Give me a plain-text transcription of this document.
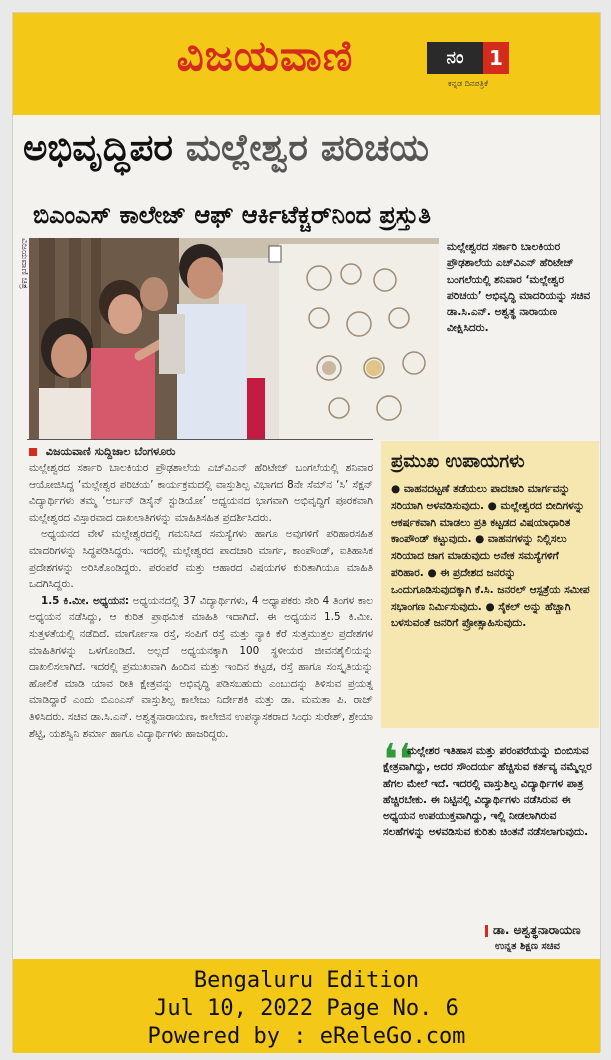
ವಿಜಯವಾಣಿ	ನಂ	1
ಕನ್ನಡ ದಿನಪತ್ರಿಕೆ
ಅಭಿವೃದ್ಧಿಪರ ಮಲ್ಲೇಶ್ವರ ಪರಿಚಯ
ಬಿಎಂಎಸ್ ಕಾಲೇಜ್ ಆಫ್ ಆರ್ಕಿಟೆಕ್ಚರ್‌ನಿಂದ ಪ್ರಸ್ತುತಿ
ವಿಜಯವಾಣಿ ಚಿತ್ರ	ಮಲ್ಲೇಶ್ವರದ ಸರ್ಕಾರಿ ಬಾಲಕಿಯರ ಪ್ರೌಢಶಾಲೆಯ ಎಚ್‌ವಿಎನ್ ಹೆರಿಟೇಜ್ ಬಂಗಲೆಯಲ್ಲಿ ಶನಿವಾರ ‘ಮಲ್ಲೇಶ್ವರ ಪರಿಚಯ’ ಅಭಿವೃದ್ಧಿ ಮಾದರಿಯನ್ನು ಸಚಿವ ಡಾ.ಸಿ.ಎನ್. ಅಶ್ವತ್ಥ ನಾರಾಯಣ ವೀಕ್ಷಿಸಿದರು.
ವಿಜಯವಾಣಿ ಸುದ್ದಿಜಾಲ ಬೆಂಗಳೂರು

ಮಲ್ಲೇಶ್ವರದ ಸರ್ಕಾರಿ ಬಾಲಕಿಯರ ಪ್ರೌಢಶಾಲೆಯ ಎಚ್‌ವಿಎನ್ ಹೆರಿಟೇಜ್ ಬಂಗಲೆಯಲ್ಲಿ ಶನಿವಾರ ಆಯೋಜಿಸಿದ್ದ ‘ಮಲ್ಲೇಶ್ವರ ಪರಿಚಯ’ ಕಾರ್ಯಕ್ರಮದಲ್ಲಿ ವಾಸ್ತುಶಿಲ್ಪ ವಿಭಾಗದ 8ನೇ ಸೆಮ್‌ನ ‘ಸಿ’ ಸೆಕ್ಷನ್ ವಿದ್ಯಾರ್ಥಿಗಳು ತಮ್ಮ ‘ಅರ್ಬನ್ ಡಿಸೈನ್ ಸ್ಟುಡಿಯೋ’ ಅಧ್ಯಯನದ ಭಾಗವಾಗಿ ಅಭಿವೃದ್ಧಿಗೆ ಪೂರಕವಾಗಿ ಮಲ್ಲೇಶ್ವರದ ವಿಸ್ತಾರವಾದ ದಾಖಲಾತಿಗಳನ್ನು ಮಾಹಿತಿಸಹಿತ ಪ್ರದರ್ಶಿಸಿದರು.

ಅಧ್ಯಯನದ ವೇಳೆ ಮಲ್ಲೇಶ್ವರದಲ್ಲಿ ಗಮನಿಸಿದ ಸಮಸ್ಯೆಗಳು ಹಾಗೂ ಅವುಗಳಿಗೆ ಪರಿಹಾರಸಹಿತ ಮಾದರಿಗಳನ್ನು ಸಿದ್ಧಪಡಿಸಿದ್ದರು. ಇದರಲ್ಲಿ ಮಲ್ಲೇಶ್ವರದ ಪಾದಚಾರಿ ಮಾರ್ಗ, ಕಾಂಪೌಂಡ್, ಐತಿಹಾಸಿಕ ಪ್ರದೇಶಗಳನ್ನು ಅರಿಸಿಕೊಂಡಿದ್ದರು. ಪರಂಪರೆ ಮತ್ತು ಆಹಾರದ ವಿಷಯಗಳ ಕುರಿತಾಗಿಯೂ ಮಾಹಿತಿ ಒದಗಿಸಿದ್ದರು.

1.5 ಕಿ.ಮೀ. ಅಧ್ಯಯನ: ಅಧ್ಯಯನದಲ್ಲಿ 37 ವಿದ್ಯಾರ್ಥಿಗಳು, 4 ಅಧ್ಯಾಪಕರು ಸೇರಿ 4 ತಿಂಗಳ ಕಾಲ ಅಧ್ಯಯನ ನಡೆಸಿದ್ದು, ಆ ಕುರಿತ ಪ್ರಾಥಮಿಕ ಮಾಹಿತಿ ಇದಾಗಿದೆ. ಈ ಅಧ್ಯಯನ 1.5 ಕಿ.ಮೀ. ಸುತ್ತಳತೆಯಲ್ಲಿ ನಡೆದಿದೆ. ಮಾರ್ಗೋಸಾ ರಸ್ತೆ, ಸಂಪಿಗೆ ರಸ್ತೆ ಮತ್ತು ನ್ಯಾಕಿ ಕೆರೆ ಸುತ್ತಮುತ್ತಲ ಪ್ರದೇಶಗಳ ಮಾಹಿತಿಗಳನ್ನು ಒಳಗೊಂಡಿದೆ. ಅಲ್ಲದೆ ಅಧ್ಯಯನಕ್ಕಾಗಿ 100 ಸ್ಥಳೀಯರ ಜೀವನಶೈಲಿಯನ್ನು ದಾಖಲಿಸಲಾಗಿದೆ. ಇದರಲ್ಲಿ ಪ್ರಮುಖವಾಗಿ ಹಿಂದಿನ ಮತ್ತು ಇಂದಿನ ಕಟ್ಟಡ, ರಸ್ತೆ ಹಾಗೂ ಸಂಸ್ಕೃತಿಯನ್ನು ಹೋಲಿಕೆ ಮಾಡಿ ಯಾವ ರೀತಿ ಕ್ಷೇತ್ರವನ್ನು ಅಭಿವೃದ್ಧಿ ಪಡಿಸಬಹುದು ಎಂಬುದನ್ನು ತಿಳಿಸುವ ಪ್ರಯತ್ನ ಮಾಡಿದ್ದಾರೆ ಎಂದು ಬಿಎಂಎಸ್ ವಾಸ್ತುಶಿಲ್ಪ ಕಾಲೇಜು ನಿರ್ದೇಶಕಿ ಮತ್ತು ಡಾ. ಮಮತಾ ಪಿ. ರಾಜ್ ತಿಳಿಸಿದರು. ಸಚಿವ ಡಾ.ಸಿ.ಎನ್. ಅಶ್ವತ್ಥನಾರಾಯಣ, ಕಾಲೇಜಿನ ಉಪನ್ಯಾಸಕರಾದ ಸಿಂಧು ಸುರೇಶ್, ಶ್ರೇಯಾ ಶೆಟ್ಟಿ, ಯಶಸ್ವಿನಿ ಶರ್ಮಾ ಹಾಗೂ ವಿದ್ಯಾರ್ಥಿಗಳು ಹಾಜರಿದ್ದರು.

ಪ್ರಮುಖ ಉಪಾಯಗಳು
● ವಾಹನದಟ್ಟಣೆ ತಡೆಯಲು ಪಾದಚಾರಿ ಮಾರ್ಗವನ್ನು ಸರಿಯಾಗಿ ಅಳವಡಿಸುವುದು. ● ಮಲ್ಲೇಶ್ವರದ ಬೀದಿಗಳನ್ನು ಆಕರ್ಷಕವಾಗಿ ಮಾಡಲು ಪ್ರತಿ ಕಟ್ಟಡದ ವಿಷಯಾಧಾರಿತ ಕಾಂಪೌಂಡ್ ಕಟ್ಟುವುದು. ● ವಾಹನಗಳನ್ನು ನಿಲ್ಲಿಸಲು ಸರಿಯಾದ ಜಾಗ ಮಾಡುವುದು ಅನೇಕ ಸಮಸ್ಯೆಗಳಿಗೆ ಪರಿಹಾರ. ● ಈ ಪ್ರದೇಶದ ಜನರನ್ನು ಒಂದುಗೂಡಿಸುವುದಕ್ಕಾಗಿ ಕೆ.ಸಿ. ಜನರಲ್ ಆಸ್ಪತ್ರೆಯ ಸಮೀಪ ಸಭಾಂಗಣ ನಿರ್ಮಿಸುವುದು. ● ಸೈಕಲ್ ಅನ್ನು ಹೆಚ್ಚಾಗಿ ಬಳಸುವಂತೆ ಜನರಿಗೆ ಪ್ರೋತ್ಸಾಹಿಸುವುದು.
❛❛
ಮಲ್ಲೇಶರ ಇತಿಹಾಸ ಮತ್ತು ಪರಂಪರೆಯನ್ನು ಬಿಂಬಿಸುವ ಕ್ಷೇತ್ರವಾಗಿದ್ದು, ಅದರ ಸೌಂದರ್ಯ ಹೆಚ್ಚಿಸುವ ಕರ್ತವ್ಯ ನಮ್ಮೆಲ್ಲರ ಹೆಗಲ ಮೇಲೆ ಇದೆ. ಇದರಲ್ಲಿ ವಾಸ್ತುಶಿಲ್ಪ ವಿದ್ಯಾರ್ಥಿಗಳ ಪಾತ್ರ ಹೆಚ್ಚಿರಬೇಕು. ಈ ನಿಟ್ಟಿನಲ್ಲಿ ವಿದ್ಯಾರ್ಥಿಗಳು ನಡೆಸಿರುವ ಈ ಅಧ್ಯಯನ ಉಪಯುಕ್ತವಾಗಿದ್ದು, ಇಲ್ಲಿ ನೀಡಲಾಗಿರುವ ಸಲಹೆಗಳನ್ನು ಅಳವಡಿಸುವ ಕುರಿತು ಚಿಂತನೆ ನಡೆಸಲಾಗುವುದು.
ಡಾ. ಅಶ್ವತ್ಥನಾರಾಯಣ
ಉನ್ನತ ಶಿಕ್ಷಣ ಸಚಿವ
Bengaluru Edition
Jul 10, 2022 Page No. 6
Powered by : eReleGo.com
